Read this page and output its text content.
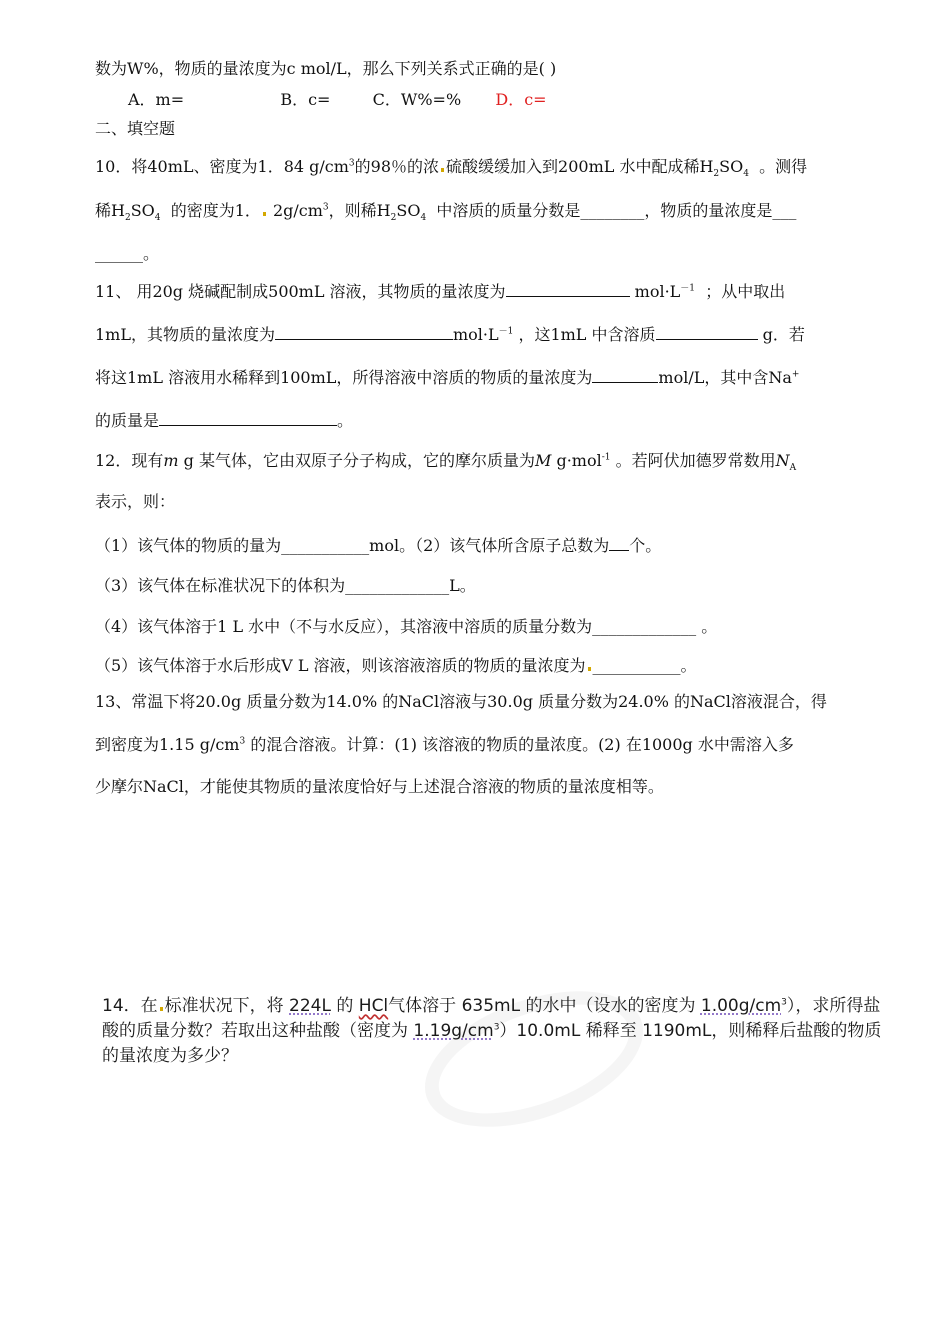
数为W%，物质的量浓度为c mol/L，那么下列关系式正确的是( )
A．m=	B．c=	C．W%=% D．c=
二、填空题
10．将40mL、密度为1．84 $g/cm^3$的98％的浓 硫酸缓缓加入到200mL 水中配成稀$H_2SO_4$ 。测得
稀$H_2SO_4$ 的密度为1． $2g/cm^3$，则稀$H_2SO_4$ 中溶质的质量分数是________，物质的量浓度是___
______。
11、 用20g 烧碱配制成500mL 溶液，其物质的量浓度为	$mol\cdot L^{-1}$ ；从中取出
1mL，其物质的量浓度为	$mol\cdot L^{-1}$ ，这1mL 中含溶质	g．若
将这1mL 溶液用水稀释到100mL，所得溶液中溶质的物质的量浓度为	mol/L，其中含Na+
的质量是	。
12．现有m g 某气体，它由双原子分子构成，它的摩尔质量为M g·mol$^{-1}$ 。若阿伏加德罗常数用$N_A$
表示，则：
（1）该气体的物质的量为___________mol。（2）该气体所含原子总数为 个。
（3）该气体在标准状况下的体积为_____________L。
（4）该气体溶于1 L 水中（不与水反应），其溶液中溶质的质量分数为_____________ 。
（5）该气体溶于水后形成V L 溶液，则该溶液溶质的物质的量浓度为 ___________。
13、常温下将20.0g 质量分数为14.0% 的NaCl溶液与30.0g 质量分数为24.0% 的NaCl溶液混合，得
到密度为1.15 $g/cm^3$ 的混合溶液。计算：(1) 该溶液的物质的量浓度。(2) 在1000g 水中需溶入多
少摩尔NaCl，才能使其物质的量浓度恰好与上述混合溶液的物质的量浓度相等。
14．在 标准状况下，将 224L 的 HCl气体溶于 635mL 的水中（设水的密度为 $1.00g/cm^3$），求所得盐酸的质量分数？若取出这种盐酸（密度为 $1.19g/cm^3)10.0mL$ 稀释至 1190mL，则稀释后盐酸的物质的量浓度为多少？
